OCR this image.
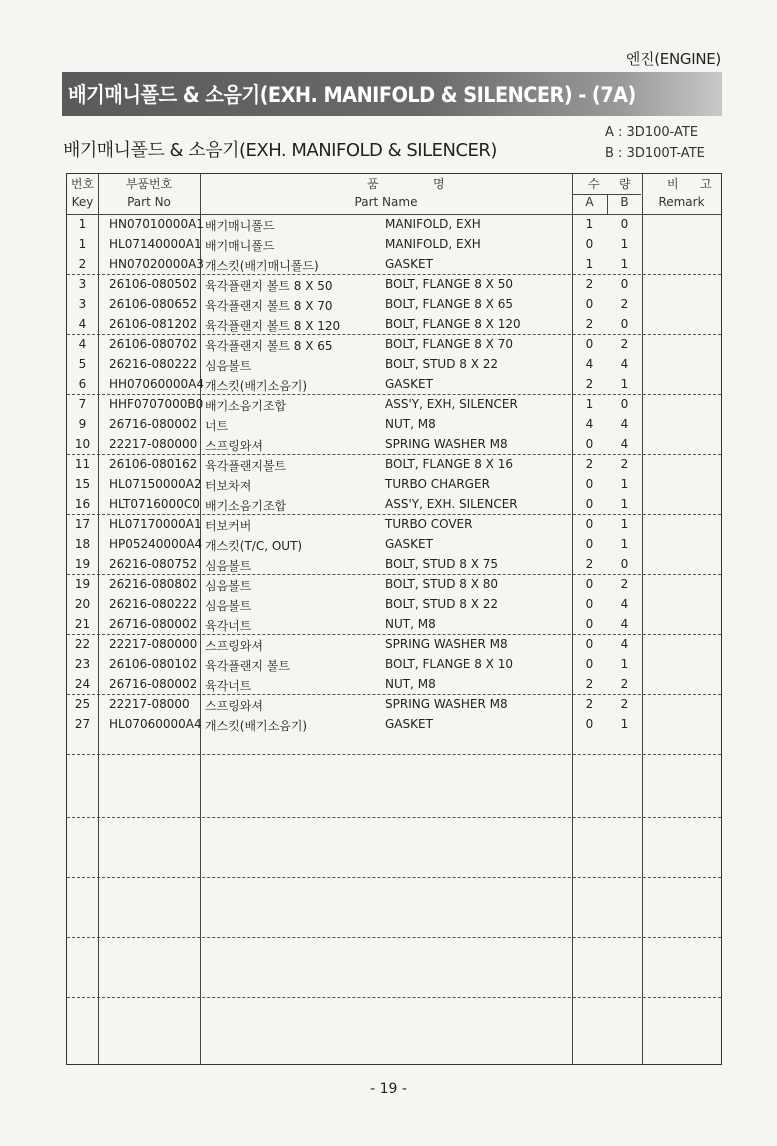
엔진(ENGINE)
배기매니폴드 & 소음기(EXH. MANIFOLD & SILENCER) - (7A)
배기매니폴드 & 소음기(EXH. MANIFOLD & SILENCER)
A : 3D100-ATE
B : 3D100T-ATE
번호
Key
부품번호
Part No
품	명
Part Name
수 량
A	B
비 고
Remark
1	HN07010000A1 배기매니폴드	MANIFOLD, EXH	1	0
1	HL07140000A1 배기매니폴드	MANIFOLD, EXH	0	1
2	HN07020000A3 개스킷(배기매니폴드)	GASKET	1	1
3	26106-080502 육각플랜지 볼트 8 X 50	BOLT, FLANGE 8 X 50	2	0
3	26106-080652 육각플랜지 볼트 8 X 70	BOLT, FLANGE 8 X 65	0	2
4	26106-081202 육각플랜지 볼트 8 X 120	BOLT, FLANGE 8 X 120	2	0
4	26106-080702 육각플랜지 볼트 8 X 65	BOLT, FLANGE 8 X 70	0	2
5	26216-080222 심음볼트	BOLT, STUD 8 X 22	4	4
6	HH07060000A4 개스킷(배기소음기)	GASKET	2	1
7	HHF0707000B0 배기소음기조합	ASS'Y, EXH, SILENCER	1	0
9	26716-080002 너트	NUT, M8	4	4
10	22217-080000 스프링와셔	SPRING WASHER M8	0	4
11	26106-080162 육각플랜지볼트	BOLT, FLANGE 8 X 16	2	2
15	HL07150000A2 터보차져	TURBO CHARGER	0	1
16	HLT0716000C0 배기소음기조합	ASS'Y, EXH. SILENCER	0	1
17	HL07170000A1 터보커버	TURBO COVER	0	1
18	HP05240000A4 개스킷(T/C, OUT)	GASKET	0	1
19	26216-080752 심음볼트	BOLT, STUD 8 X 75	2	0
19	26216-080802 심음볼트	BOLT, STUD 8 X 80	0	2
20	26216-080222 심음볼트	BOLT, STUD 8 X 22	0	4
21	26716-080002 육각너트	NUT, M8	0	4
22	22217-080000 스프링와셔	SPRING WASHER M8	0	4
23	26106-080102 육각플랜지 볼트	BOLT, FLANGE 8 X 10	0	1
24	26716-080002 육각너트	NUT, M8	2	2
25	22217-08000 스프링와셔	SPRING WASHER M8	2	2
27	HL07060000A4 개스킷(배기소음기)	GASKET	0	1
- 19 -
